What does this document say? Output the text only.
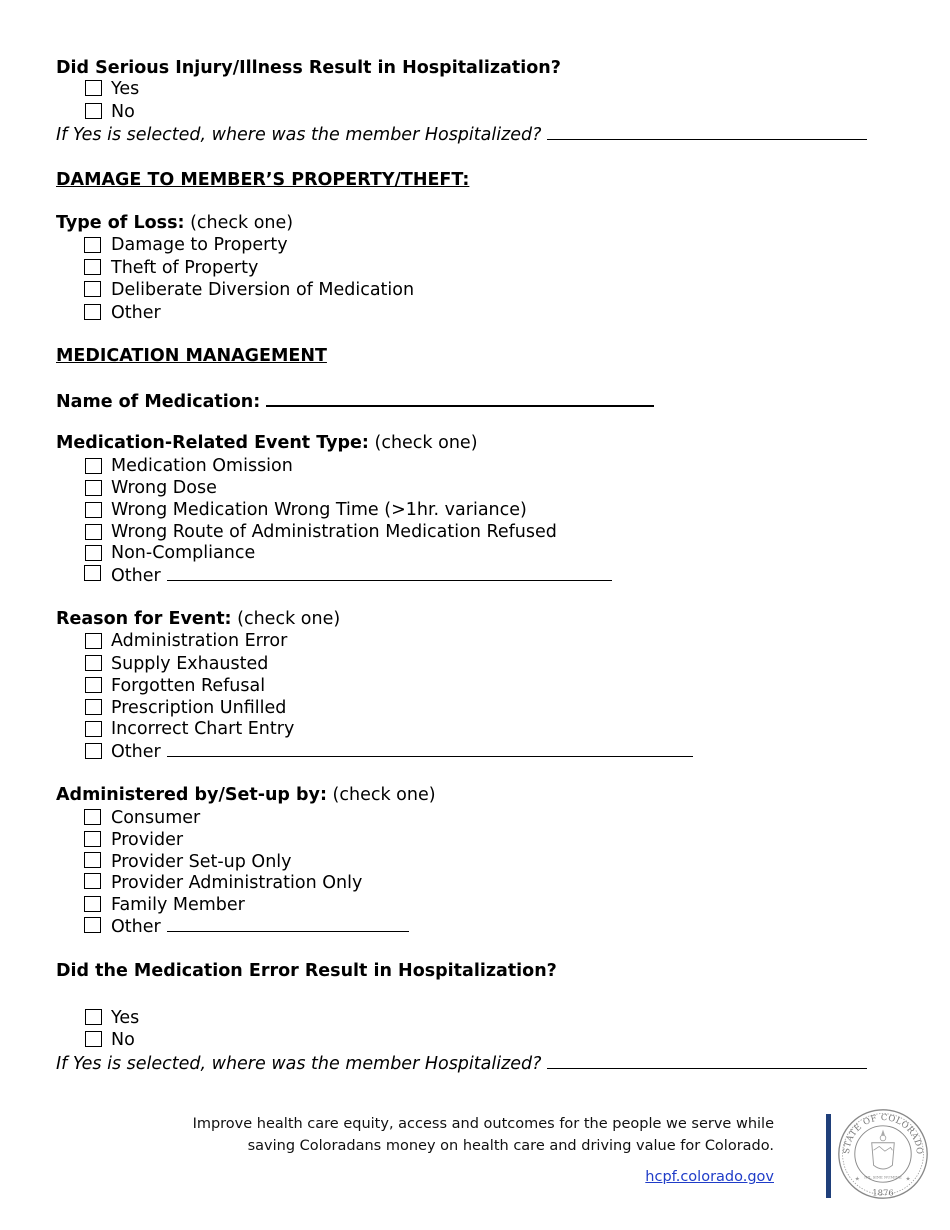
Did Serious Injury/Illness Result in Hospitalization?
Yes
No
If Yes is selected, where was the member Hospitalized?
DAMAGE TO MEMBER’S PROPERTY/THEFT:
Type of Loss: (check one)
Damage to Property
Theft of Property
Deliberate Diversion of Medication
Other
MEDICATION MANAGEMENT
Name of Medication:
Medication-Related Event Type: (check one)
Medication Omission
Wrong Dose
Wrong Medication Wrong Time (>1hr. variance)
Wrong Route of Administration Medication Refused
Non-Compliance
Other
Reason for Event: (check one)
Administration Error
Supply Exhausted
Forgotten Refusal
Prescription Unfilled
Incorrect Chart Entry
Other
Administered by/Set-up by: (check one)
Consumer
Provider
Provider Set-up Only
Provider Administration Only
Family Member
Other
Did the Medication Error Result in Hospitalization?
Yes
No
If Yes is selected, where was the member Hospitalized?
Improve health care equity, access and outcomes for the people we serve while
saving Coloradans money on health care and driving value for Colorado.
hcpf.colorado.gov
STATE OF COLORADO
1876
NIL SINE NUMINE
★	★
